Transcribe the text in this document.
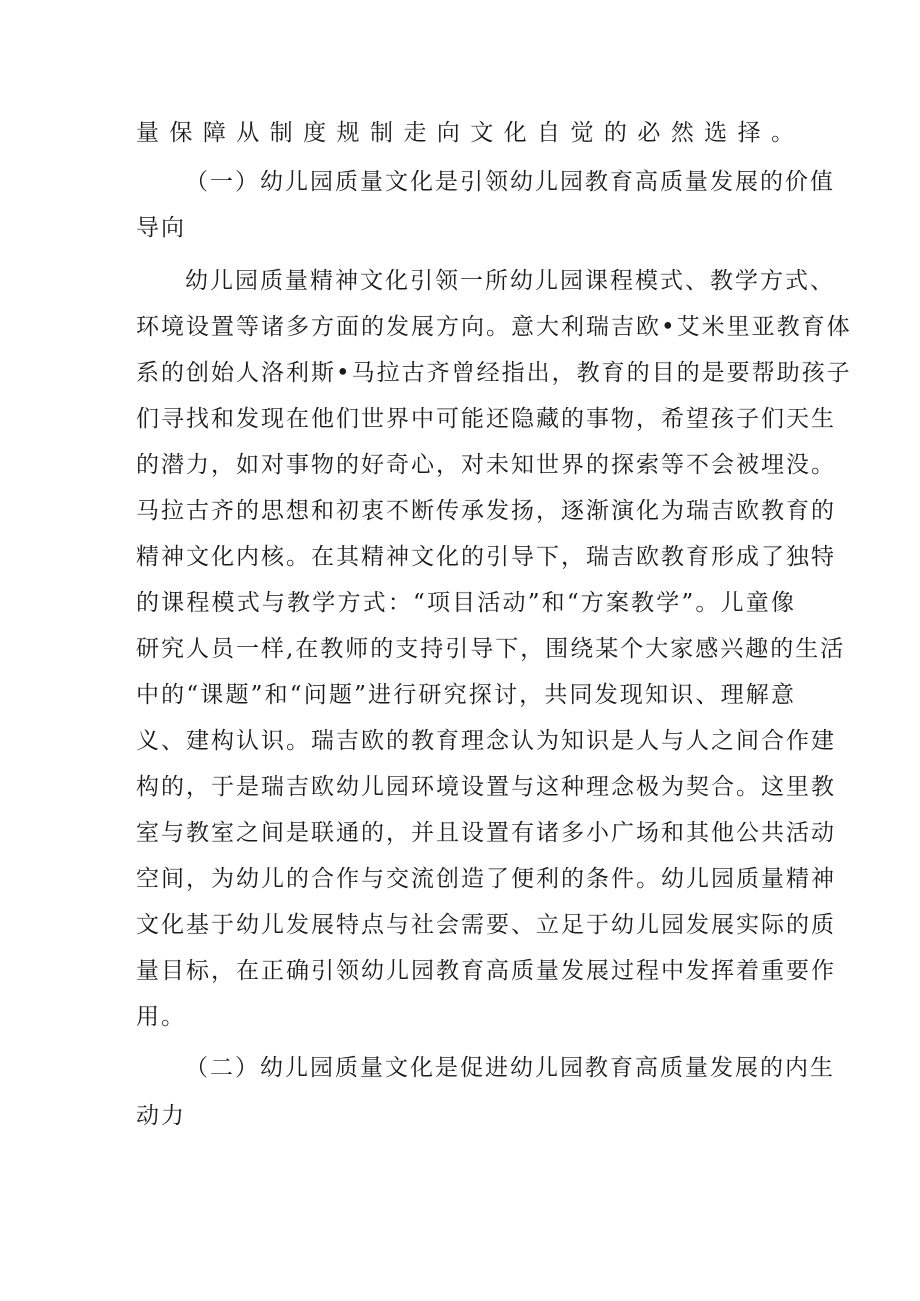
量保障从制度规制走向文化自觉的必然选择。
（一）幼儿园质量文化是引领幼儿园教育高质量发展的价值
导向
幼儿园质量精神文化引领一所幼儿园课程模式、教学方式、
环境设置等诸多方面的发展方向。意大利瑞吉欧•艾米里亚教育体
系的创始人洛利斯•马拉古齐曾经指出，教育的目的是要帮助孩子
们寻找和发现在他们世界中可能还隐藏的事物，希望孩子们天生
的潜力，如对事物的好奇心，对未知世界的探索等不会被埋没。
马拉古齐的思想和初衷不断传承发扬，逐渐演化为瑞吉欧教育的
精神文化内核。在其精神文化的引导下，瑞吉欧教育形成了独特
的课程模式与教学方式：“项目活动”和“方案教学”。儿童像
研究人员一样,在教师的支持引导下，围绕某个大家感兴趣的生活
中的“课题”和“问题”进行研究探讨，共同发现知识、理解意
义、建构认识。瑞吉欧的教育理念认为知识是人与人之间合作建
构的，于是瑞吉欧幼儿园环境设置与这种理念极为契合。这里教
室与教室之间是联通的，并且设置有诸多小广场和其他公共活动
空间，为幼儿的合作与交流创造了便利的条件。幼儿园质量精神
文化基于幼儿发展特点与社会需要、立足于幼儿园发展实际的质
量目标，在正确引领幼儿园教育高质量发展过程中发挥着重要作
用。
（二）幼儿园质量文化是促进幼儿园教育高质量发展的内生
动力
